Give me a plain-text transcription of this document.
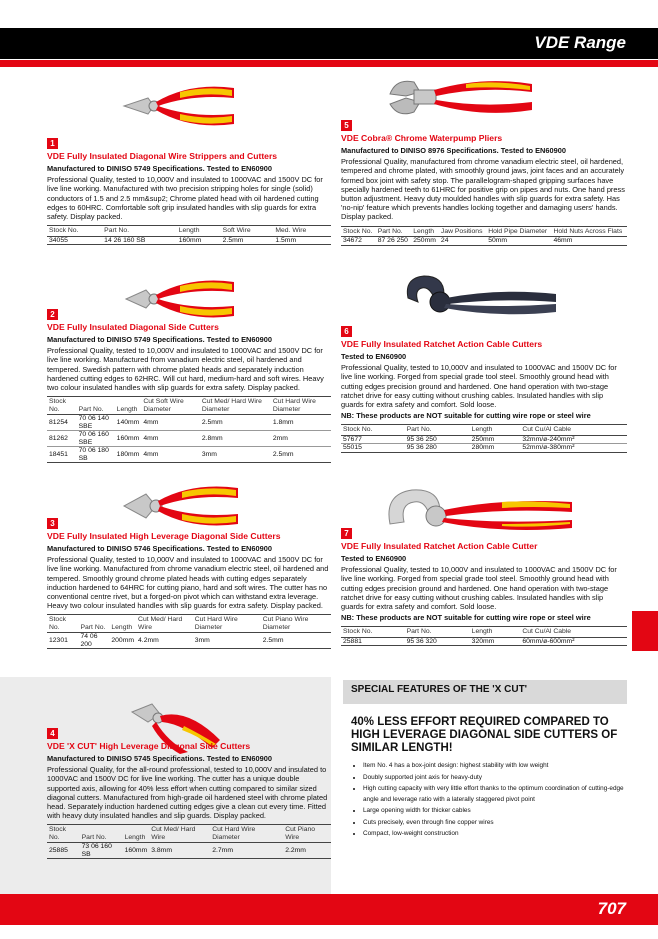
VDE Range
707
1
VDE Fully Insulated Diagonal Wire Strippers and Cutters
Manufactured to DINISO 5749 Specifications. Tested to EN60900
Professional Quality, tested to 10,000V and insulated to 1000VAC and 1500V DC for live line working. Manufactured with two precision stripping holes for single (solid) conductors of 1.5 and 2.5 mm&sup2; Chrome plated head with oil hardened cutting edges to 60HRC. Comfortable soft grip insulated handles with slip guards for extra safety. Display packed.
Stock No.	Part No.	Length	Soft Wire	Med. Wire
34055	14 26 160 SB	160mm	2.5mm	1.5mm
2
VDE Fully Insulated Diagonal Side Cutters
Manufactured to DINISO 5749 Specifications. Tested to EN60900
Professional Quality, tested to 10,000V and insulated to 1000VAC and 1500V DC for live line working. Manufactured from vanadium electric steel, oil hardened and tempered. Swedish pattern with chrome plated heads and separately induction hardened cutting edges to 62HRC. Will cut hard, medium-hard and soft wires. Heavy two colour insulated handles with slip guards for extra safety. Display packed.
Stock No.	Part No.	Length	Cut Soft Wire Diameter	Cut Med/ Hard Wire Diameter	Cut Hard Wire Diameter
81254	70 06 140 SBE	140mm	4mm	2.5mm	1.8mm
81262	70 06 160 SBE	160mm	4mm	2.8mm	2mm
18451	70 06 180 SB	180mm	4mm	3mm	2.5mm
3
VDE Fully Insulated High Leverage Diagonal Side Cutters
Manufactured to DINISO 5746 Specifications. Tested to EN60900
Professional Quality, tested to 10,000V and insulated to 1000VAC and 1500V DC for live line working. Manufactured from chrome vanadium electric steel, oil hardened and tempered. Smoothly ground chrome plated heads with cutting edges separately induction hardened to 64HRC for cutting piano, hard and soft wires. The cutter has no conventional centre rivet, but a forged-on pivot which can withstand extra leverage. Heavy two colour insulated handles with slip guards for extra safety. Display packed.
Stock No.	Part No.	Length	Cut Med/ Hard Wire	Cut Hard Wire Diameter	Cut Piano Wire Diameter
12301	74 06 200	200mm	4.2mm	3mm	2.5mm
4
VDE 'X CUT' High Leverage Diagonal Side Cutters
Manufactured to DINISO 5745 Specifications. Tested to EN60900
Professional Quality, for the all-round professional, tested to 10,000V and insulated to 1000VAC and 1500V DC for live line working. The cutter has a unique double supported axis, allowing for 40% less effort when cutting compared to similar sized diagonal cutters. Manufactured from high-grade oil hardened steel with chrome plated head. Separately induction hardened cutting edges give a clean cut every time. Fitted with heavy duty insulated handles and slip guards. Display packed.
Stock No.	Part No.	Length	Cut Med/ Hard Wire	Cut Hard Wire Diameter	Cut Piano Wire
25885	73 06 160 SB	160mm	3.8mm	2.7mm	2.2mm
5
VDE Cobra® Chrome Waterpump Pliers
Manufactured to DINISO 8976 Specifications. Tested to EN60900
Professional Quality, manufactured from chrome vanadium electric steel, oil hardened, tempered and chrome plated, with smoothly ground jaws, joint faces and an accurately formed box joint with safety stop. The parallelogram-shaped gripping surfaces have specially hardened teeth to 61HRC for positive grip on pipes and nuts. One hand press button adjustment. Heavy duty moulded handles with slip guards for extra safety. Has 'no-nip' feature which prevents handles locking together and damaging users' hands. Display packed.
Stock No.	Part No.	Length	Jaw Positions	Hold Pipe Diameter	Hold Nuts Across Flats
34672	87 26 250	250mm	24	50mm	46mm
6
VDE Fully Insulated Ratchet Action Cable Cutters
Tested to EN60900
Professional Quality, tested to 10,000V and insulated to 1000VAC and 1500V DC for live line working. Forged from special grade tool steel. Smoothly ground head with cutting edges precision ground and hardened. One hand operation with two-stage ratchet drive for easy cutting without crushing cables. Insulated handles with slip guards for extra safety and comfort. Sold loose.
NB: These products are NOT suitable for cutting wire rope or steel wire
Stock No.	Part No.	Length	Cut Cu/Al Cable
57677	95 36 250	250mm	32mm/ø-240mm²
55015	95 36 280	280mm	52mm/ø-380mm²
7
VDE Fully Insulated Ratchet Action Cable Cutter
Tested to EN60900
Professional Quality, tested to 10,000V and insulated to 1000VAC and 1500V DC for live line working. Forged from special grade tool steel. Smoothly ground head with cutting edges precision ground and hardened. One hand operation with two-stage ratchet drive for easy cutting without crushing cables. Insulated handles with slip guards for extra safety and comfort. Sold loose.
NB: These products are NOT suitable for cutting wire rope or steel wire
Stock No.	Part No.	Length	Cut Cu/Al Cable
25881	95 36 320	320mm	60mm/ø-600mm²
SPECIAL FEATURES OF THE 'X CUT'
40% LESS EFFORT REQUIRED COMPARED TO HIGH LEVERAGE DIAGONAL SIDE CUTTERS OF SIMILAR LENGTH!
• Item No. 4 has a box-joint design: highest stability with low weight
• Doubly supported joint axis for heavy-duty
• High cutting capacity with very little effort thanks to the optimum coordination of cutting-edge angle and leverage ratio with a laterally staggered pivot point
• Large opening width for thicker cables
• Cuts precisely, even through fine copper wires
• Compact, low-weight construction
